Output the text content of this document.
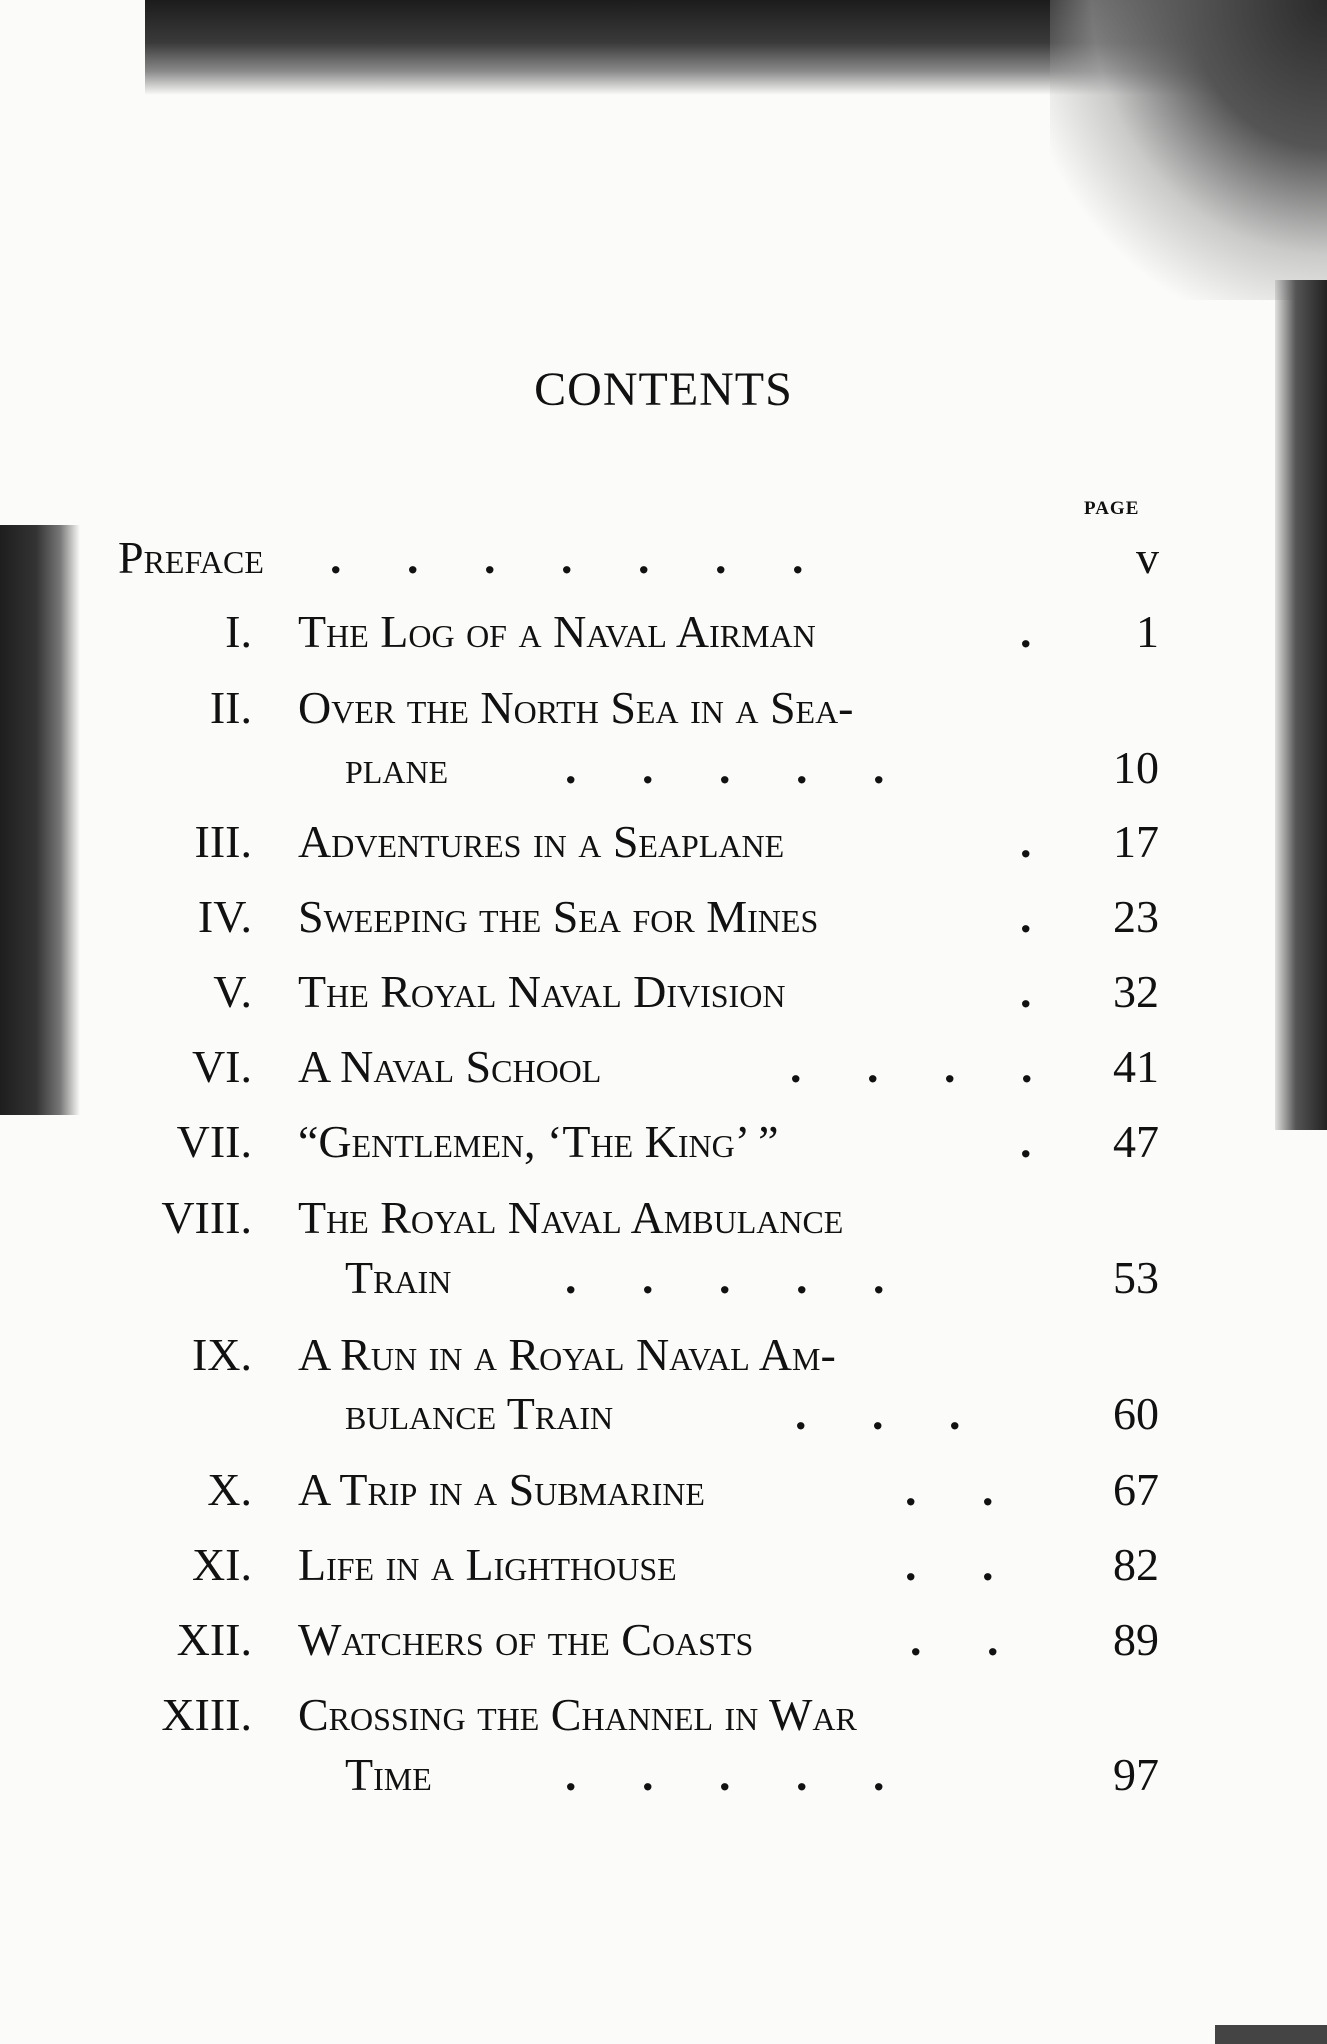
CONTENTS
PAGE
Preface . . . . . . .	v
I. The Log of a Naval Airman	. 1
II. Over the North Sea in a Sea-
plane	. . . . .	10
III. Adventures in a Seaplane	. 17
IV. Sweeping the Sea for Mines	. 23
V. The Royal Naval Division	. 32
VI. A Naval School	. . . . 41
VII. “Gentlemen, ‘The King’ ”	. 47
VIII. The Royal Naval Ambulance
Train . . . . .	53
IX. A Run in a Royal Naval Am-
bulance Train	. . .	60
X. A Trip in a Submarine	. . 67
XI. Life in a Lighthouse	. . 82
XII. Watchers of the Coasts	. . 89
XIII. Crossing the Channel in War
Time	. . . . .	97
